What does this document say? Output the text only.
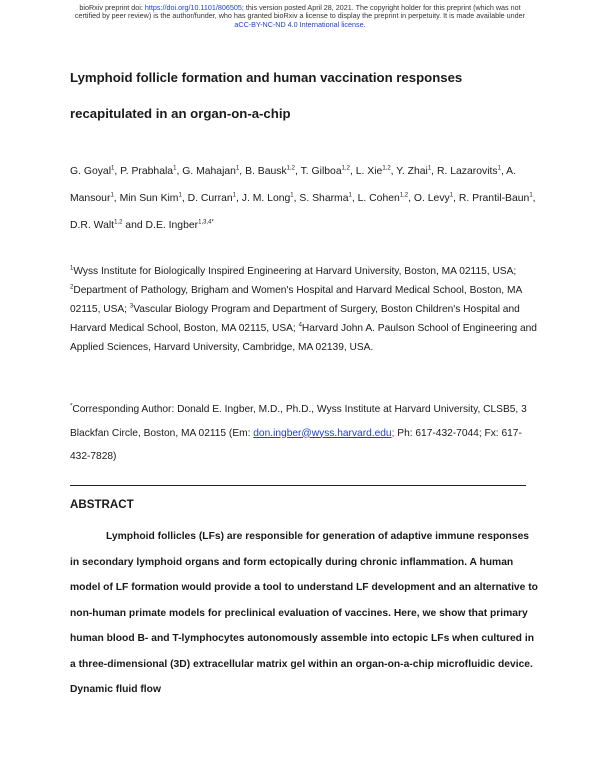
bioRxiv preprint doi: https://doi.org/10.1101/806505; this version posted April 28, 2021. The copyright holder for this preprint (which was not
certified by peer review) is the author/funder, who has granted bioRxiv a license to display the preprint in perpetuity. It is made available under
aCC-BY-NC-ND 4.0 International license.
Lymphoid follicle formation and human vaccination responses
recapitulated in an organ-on-a-chip
G. Goyal$^1$, P. Prabhala$^1$, G. Mahajan$^1$, B. Bausk$^{1,2}$, T. Gilboa$^{1,2}$, L. Xie$^{1,2}$, Y. Zhai$^1$, R. Lazarovits$^1$, A. Mansour$^1$, Min Sun Kim$^1$, D. Curran$^1$, J. M. Long$^1$, S. Sharma$^1$, L. Cohen$^{1,2}$, O. Levy$^1$, R. Prantil-Baun$^1$, D.R. Walt$^{1,2}$ and D.E. Ingber$^{1,3,4*}$
$^1$Wyss Institute for Biologically Inspired Engineering at Harvard University, Boston, MA 02115, USA; $^2$Department of Pathology, Brigham and Women's Hospital and Harvard Medical School, Boston, MA 02115, USA; $^3$Vascular Biology Program and Department of Surgery, Boston Children's Hospital and Harvard Medical School, Boston, MA 02115, USA; $^4$Harvard John A. Paulson School of Engineering and Applied Sciences, Harvard University, Cambridge, MA 02139, USA.
*Corresponding Author: Donald E. Ingber, M.D., Ph.D., Wyss Institute at Harvard University, CLSB5, 3 Blackfan Circle, Boston, MA 02115 (Em: don.ingber@wyss.harvard.edu; Ph: 617-432-7044; Fx: 617-432-7828)
ABSTRACT

Lymphoid follicles (LFs) are responsible for generation of adaptive immune responses in secondary lymphoid organs and form ectopically during chronic inflammation. A human model of LF formation would provide a tool to understand LF development and an alternative to non-human primate models for preclinical evaluation of vaccines. Here, we show that primary human blood B- and T-lymphocytes autonomously assemble into ectopic LFs when cultured in a three-dimensional (3D) extracellular matrix gel within an organ-on-a-chip microfluidic device. Dynamic fluid flow
